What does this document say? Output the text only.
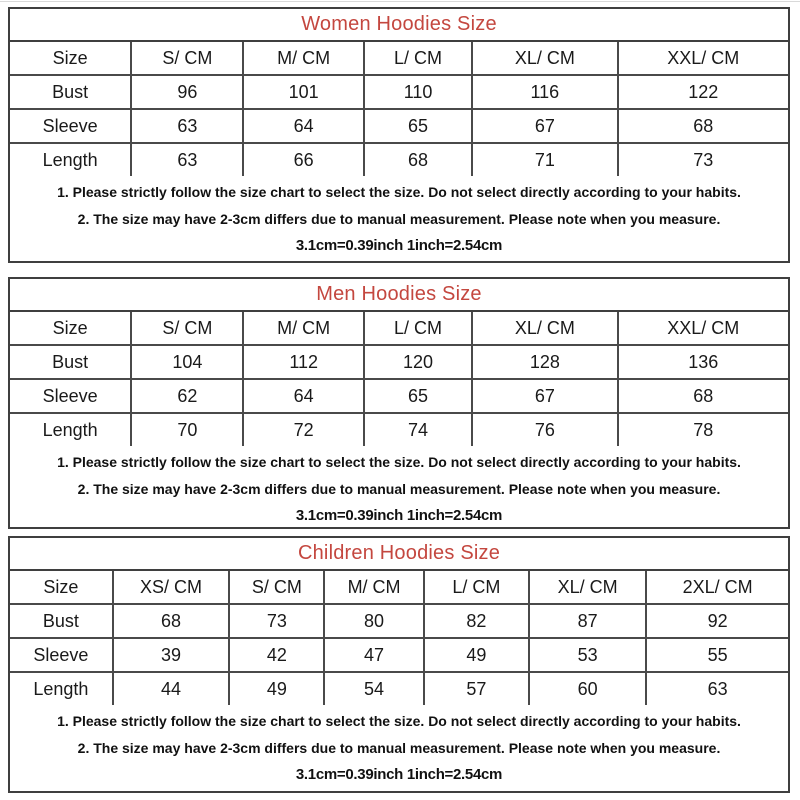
Women Hoodies Size
Size	S/ CM	M/ CM	L/ CM	XL/ CM	XXL/ CM
Bust	96	101	110	116	122
Sleeve	63	64	65	67	68
Length	63	66	68	71	73
1. Please strictly follow the size chart to select the size. Do not select directly according to your habits.
2. The size may have 2-3cm differs due to manual measurement. Please note when you measure.
3.1cm=0.39inch 1inch=2.54cm
Men Hoodies Size
Size	S/ CM	M/ CM	L/ CM	XL/ CM	XXL/ CM
Bust	104	112	120	128	136
Sleeve	62	64	65	67	68
Length	70	72	74	76	78
1. Please strictly follow the size chart to select the size. Do not select directly according to your habits.
2. The size may have 2-3cm differs due to manual measurement. Please note when you measure.
3.1cm=0.39inch 1inch=2.54cm
Children Hoodies Size
Size	XS/ CM	S/ CM	M/ CM	L/ CM	XL/ CM	2XL/ CM
Bust	68	73	80	82	87	92
Sleeve	39	42	47	49	53	55
Length	44	49	54	57	60	63
1. Please strictly follow the size chart to select the size. Do not select directly according to your habits.
2. The size may have 2-3cm differs due to manual measurement. Please note when you measure.
3.1cm=0.39inch 1inch=2.54cm
